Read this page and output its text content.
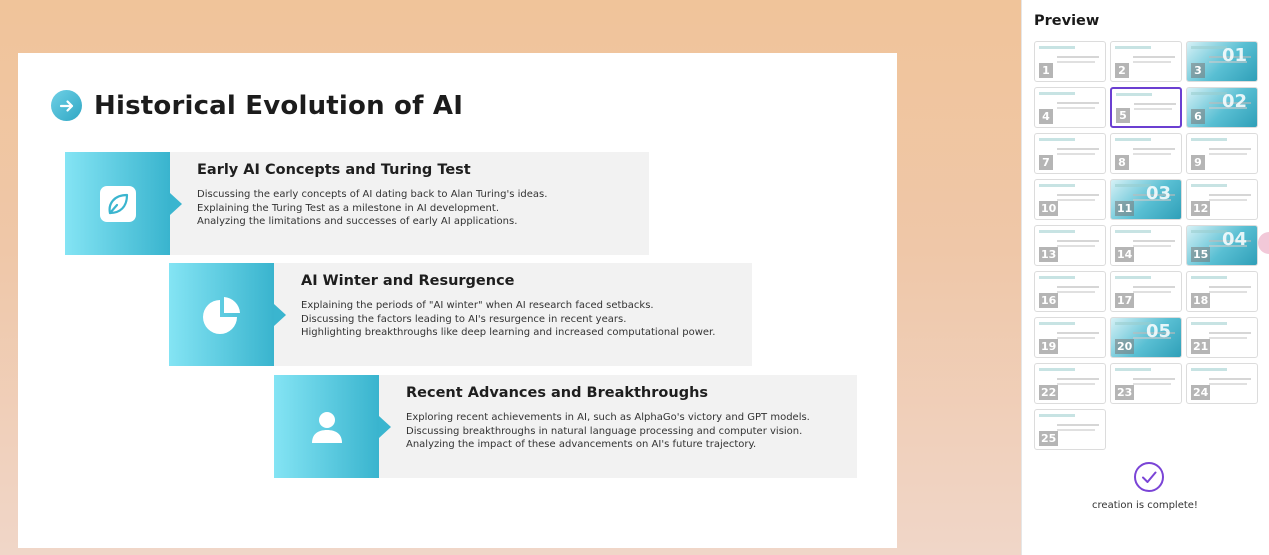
Historical Evolution of AI
Early AI Concepts and Turing Test
Discussing the early concepts of AI dating back to Alan Turing's ideas.
Explaining the Turing Test as a milestone in AI development.
Analyzing the limitations and successes of early AI applications.
AI Winter and Resurgence
Explaining the periods of "AI winter" when AI research faced setbacks.
Discussing the factors leading to AI's resurgence in recent years.
Highlighting breakthroughs like deep learning and increased computational power.
Recent Advances and Breakthroughs
Exploring recent achievements in AI, such as AlphaGo's victory and GPT models.
Discussing breakthroughs in natural language processing and computer vision.
Analyzing the impact of these advancements on AI's future trajectory.
Preview
1	2
01
3
4	5
02
6
7	8	9
10
03
11	12
13	14
04
15
16	17	18
19
05
20	21
22	23	24
25
creation is complete!
